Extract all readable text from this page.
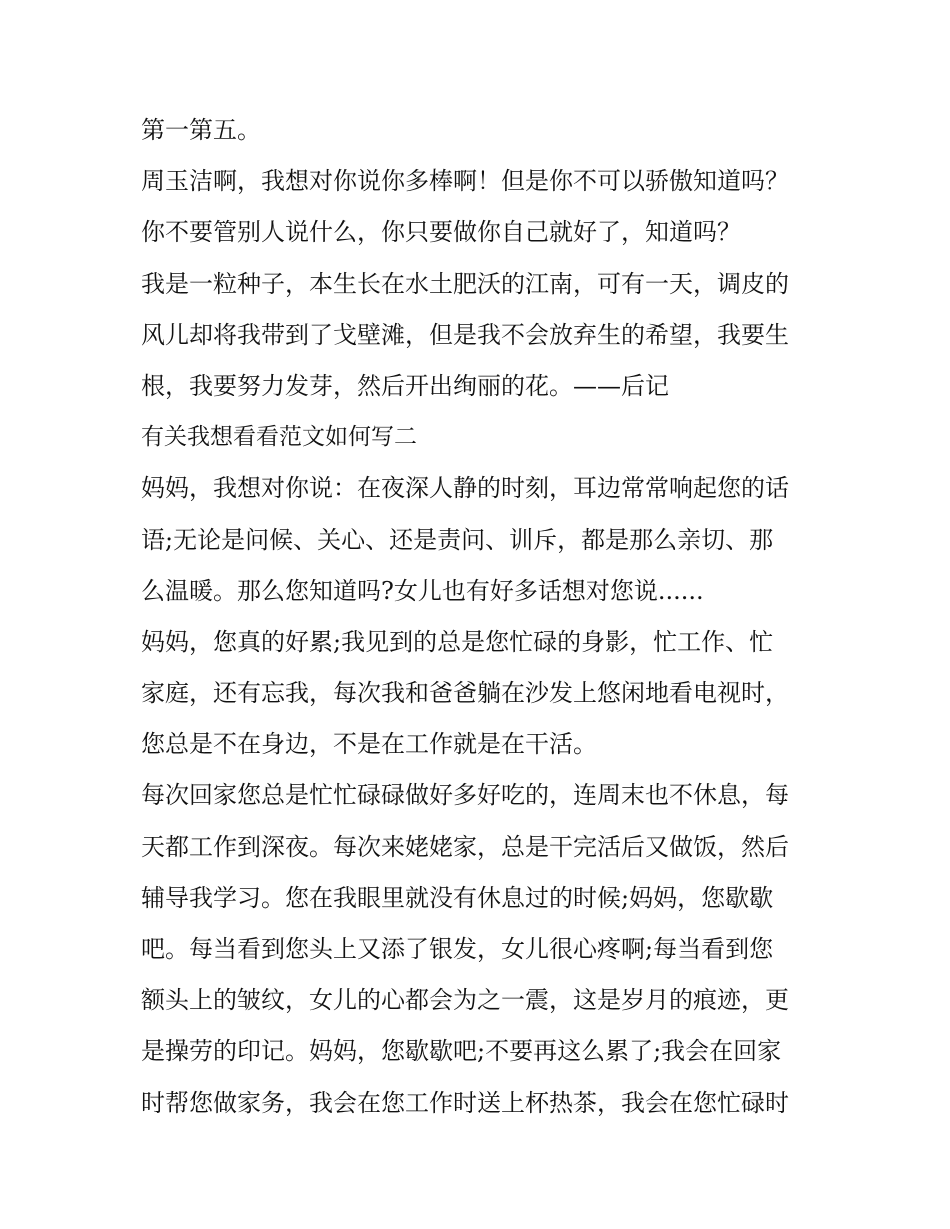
第一第五。
周玉洁啊，我想对你说你多棒啊！但是你不可以骄傲知道吗？
你不要管别人说什么，你只要做你自己就好了，知道吗？
我是一粒种子，本生长在水土肥沃的江南，可有一天，调皮的
风儿却将我带到了戈壁滩，但是我不会放弃生的希望，我要生
根，我要努力发芽，然后开出绚丽的花。——后记
有关我想看看范文如何写二
妈妈，我想对你说：在夜深人静的时刻，耳边常常响起您的话
语;无论是问候、关心、还是责问、训斥，都是那么亲切、那
么温暖。那么您知道吗?女儿也有好多话想对您说......
妈妈，您真的好累;我见到的总是您忙碌的身影，忙工作、忙
家庭，还有忘我，每次我和爸爸躺在沙发上悠闲地看电视时，
您总是不在身边，不是在工作就是在干活。
每次回家您总是忙忙碌碌做好多好吃的，连周末也不休息，每
天都工作到深夜。每次来姥姥家，总是干完活后又做饭，然后
辅导我学习。您在我眼里就没有休息过的时候;妈妈，您歇歇
吧。每当看到您头上又添了银发，女儿很心疼啊;每当看到您
额头上的皱纹，女儿的心都会为之一震，这是岁月的痕迹，更
是操劳的印记。妈妈，您歇歇吧;不要再这么累了;我会在回家
时帮您做家务，我会在您工作时送上杯热茶，我会在您忙碌时
